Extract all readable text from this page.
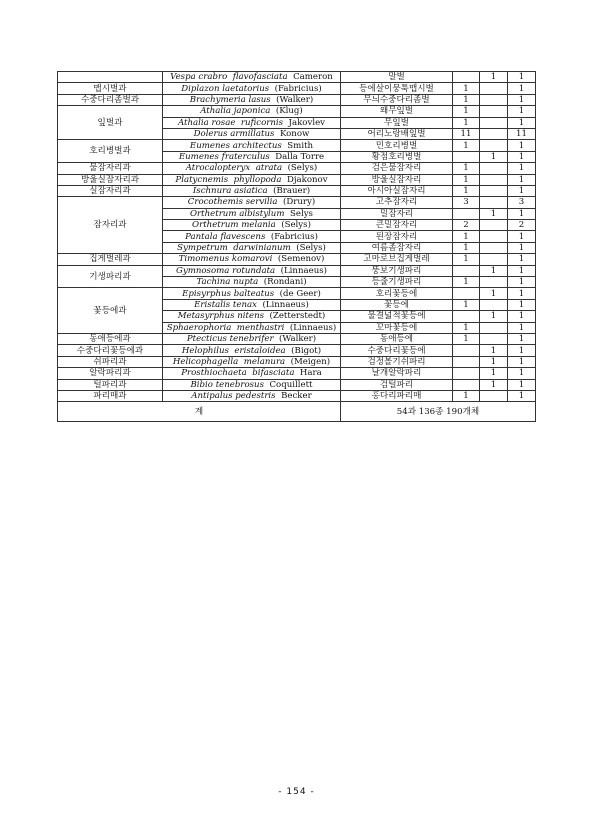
	Vespa crabro flavofasciata Cameron	말벌		1	1
맵시벌과	Diplazon laetatorius (Fabricius)	등에살이뭉툭맵시벌	1		1
수중다리좀벌과	Brachymeria lasus (Walker)	무늬수중다리좀벌	1		1
잎벌과	Athalia japonica (Klug)	왜무잎벌	1		1
	Athalia rosae ruficornis Jakovlev	무잎벌	1		1
	Dolerus armillatus Konow	어리노랑배잎벌	11		11
호리병벌과	Eumenes architectus Smith	민호리병벌	1		1
	Eumenes fraterculus Dalla Torre	황점호리병벌		1	1
물잠자리과	Atrocalopteryx atrata (Selys)	검은물잠자리	1		1
방울실잠자리과	Platycnemis phyllopoda Djakonov	방울실잠자리	1		1
실잠자리과	Ischnura asiatica (Brauer)	아시아실잠자리	1		1
잠자리과	Crocothemis servilia (Drury)	고추잠자리	3		3
	Orthetrum albistylum Selys	밀잠자리		1	1
	Orthetrum melania (Selys)	큰밀잠자리	2		2
	Pantala flavescens (Fabricius)	된장잠자리	1		1
	Sympetrum darwinianum (Selys)	여름좀잠자리	1		1
집게벌레과	Timomenus komarovi (Semenov)	고마로브집게벌레	1		1
기생파리과	Gymnosoma rotundata (Linnaeus)	뚱보기생파리		1	1
	Tachina nupta (Rondani)	등줄기생파리	1		1
꽃등에과	Episyrphus balteatus (de Geer)	호리꽃등에		1	1
	Eristalis tenax (Linnaeus)	꽃등에	1		1
	Metasyrphus nitens (Zetterstedt)	물결넓적꽃등에		1	1
	Sphaerophoria menthastri (Linnaeus)	꼬마꽃등에	1		1
동애등에과	Ptecticus tenebrifer (Walker)	동애등에	1		1
수중다리꽃등에과	Helophilus eristaloidea (Bigot)	수중다리꽃등에		1	1
쉬파리과	Helicophagella melanura (Meigen)	검정볼기쉬파리		1	1
알락파리과	Prosthiochaeta bifasciata Hara	날개알락파리		1	1
털파리과	Bibio tenebrosus Coquillett	검털파리		1	1
파리매과	Antipalus pedestris Becker	홍다리파리매	1		1
계		54과 136종 190개체			
- 154 -
